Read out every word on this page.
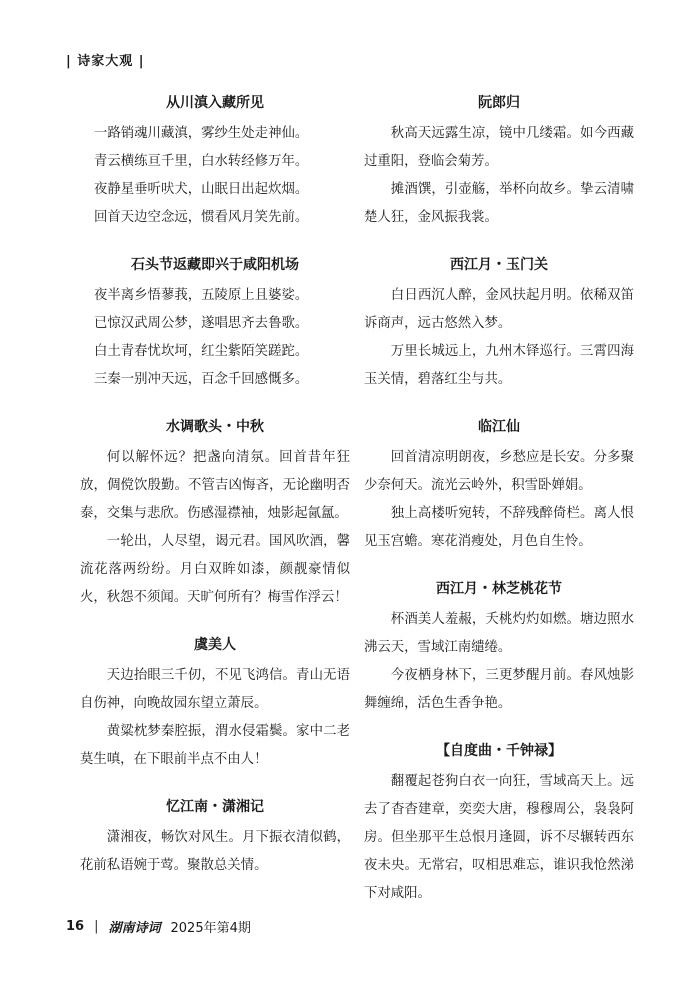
| 诗家大观 |
从川滇入藏所见

一路销魂川藏滇，雾纱生处走神仙。

青云横练亘千里，白水转经修万年。

夜静星垂听吠犬，山眠日出起炊烟。

回首天边空念远，惯看风月笑先前。

石头节返藏即兴于咸阳机场

夜半离乡悟蓼莪，五陵原上且婆娑。

已惊汉武周公梦，遂唱思齐去鲁歌。

白土青春忧坎坷，红尘紫陌笑蹉跎。

三秦一别冲天远，百念千回感慨多。

水调歌头・中秋

何以解怀远？把盏向清氛。回首昔年狂放，倜傥饮殷勤。不管吉凶悔吝，无论幽明否泰，交集与悲欣。伤感湿襟袖，烛影起氤氲。

一轮出，人尽望，谒元君。国风吹酒，馨流花落两纷纷。月白双眸如漆，颜靓豪情似火，秋怨不须闻。天旷何所有？梅雪作浮云！

虞美人

天边抬眼三千仞，不见飞鸿信。青山无语自伤神，向晚故园东望立萧辰。

黄粱枕梦秦腔振，渭水侵霜鬓。家中二老莫生嗔，在下眼前半点不由人！

忆江南・潇湘记

潇湘夜，畅饮对风生。月下振衣清似鹤，花前私语婉于莺。聚散总关情。

阮郎归

秋高天远露生凉，镜中几缕霜。如今西藏过重阳，登临会菊芳。

摊酒馔，引壶觞，举杯向故乡。挚云清啸楚人狂，金风振我裳。

西江月・玉门关

白日西沉人醉，金风扶起月明。依稀双笛诉商声，远古悠然入梦。

万里长城远上，九州木铎巡行。三霄四海玉关情，碧落红尘与共。

临江仙

回首清凉明朗夜，乡愁应是长安。分多聚少奈何天。流光云岭外，积雪卧婵娟。

独上高楼听宛转，不辞残醉倚栏。离人恨见玉宫蟾。寒花消瘦处，月色自生怜。

西江月・林芝桃花节

杯酒美人羞赧，夭桃灼灼如燃。塘边照水沸云天，雪域江南缱绻。

今夜栖身林下，三更梦醒月前。春风烛影舞缠绵，活色生香争艳。

【自度曲・千钟禄】

翻覆起苍狗白衣一向狂，雪域高天上。远去了杳杳建章，奕奕大唐，穆穆周公，袅袅阿房。但坐那平生总恨月逢圆，诉不尽辗转西东夜未央。无常宕，叹相思难忘，谁识我怆然涕下对咸阳。

16 | 湖南诗词 2025年第4期
